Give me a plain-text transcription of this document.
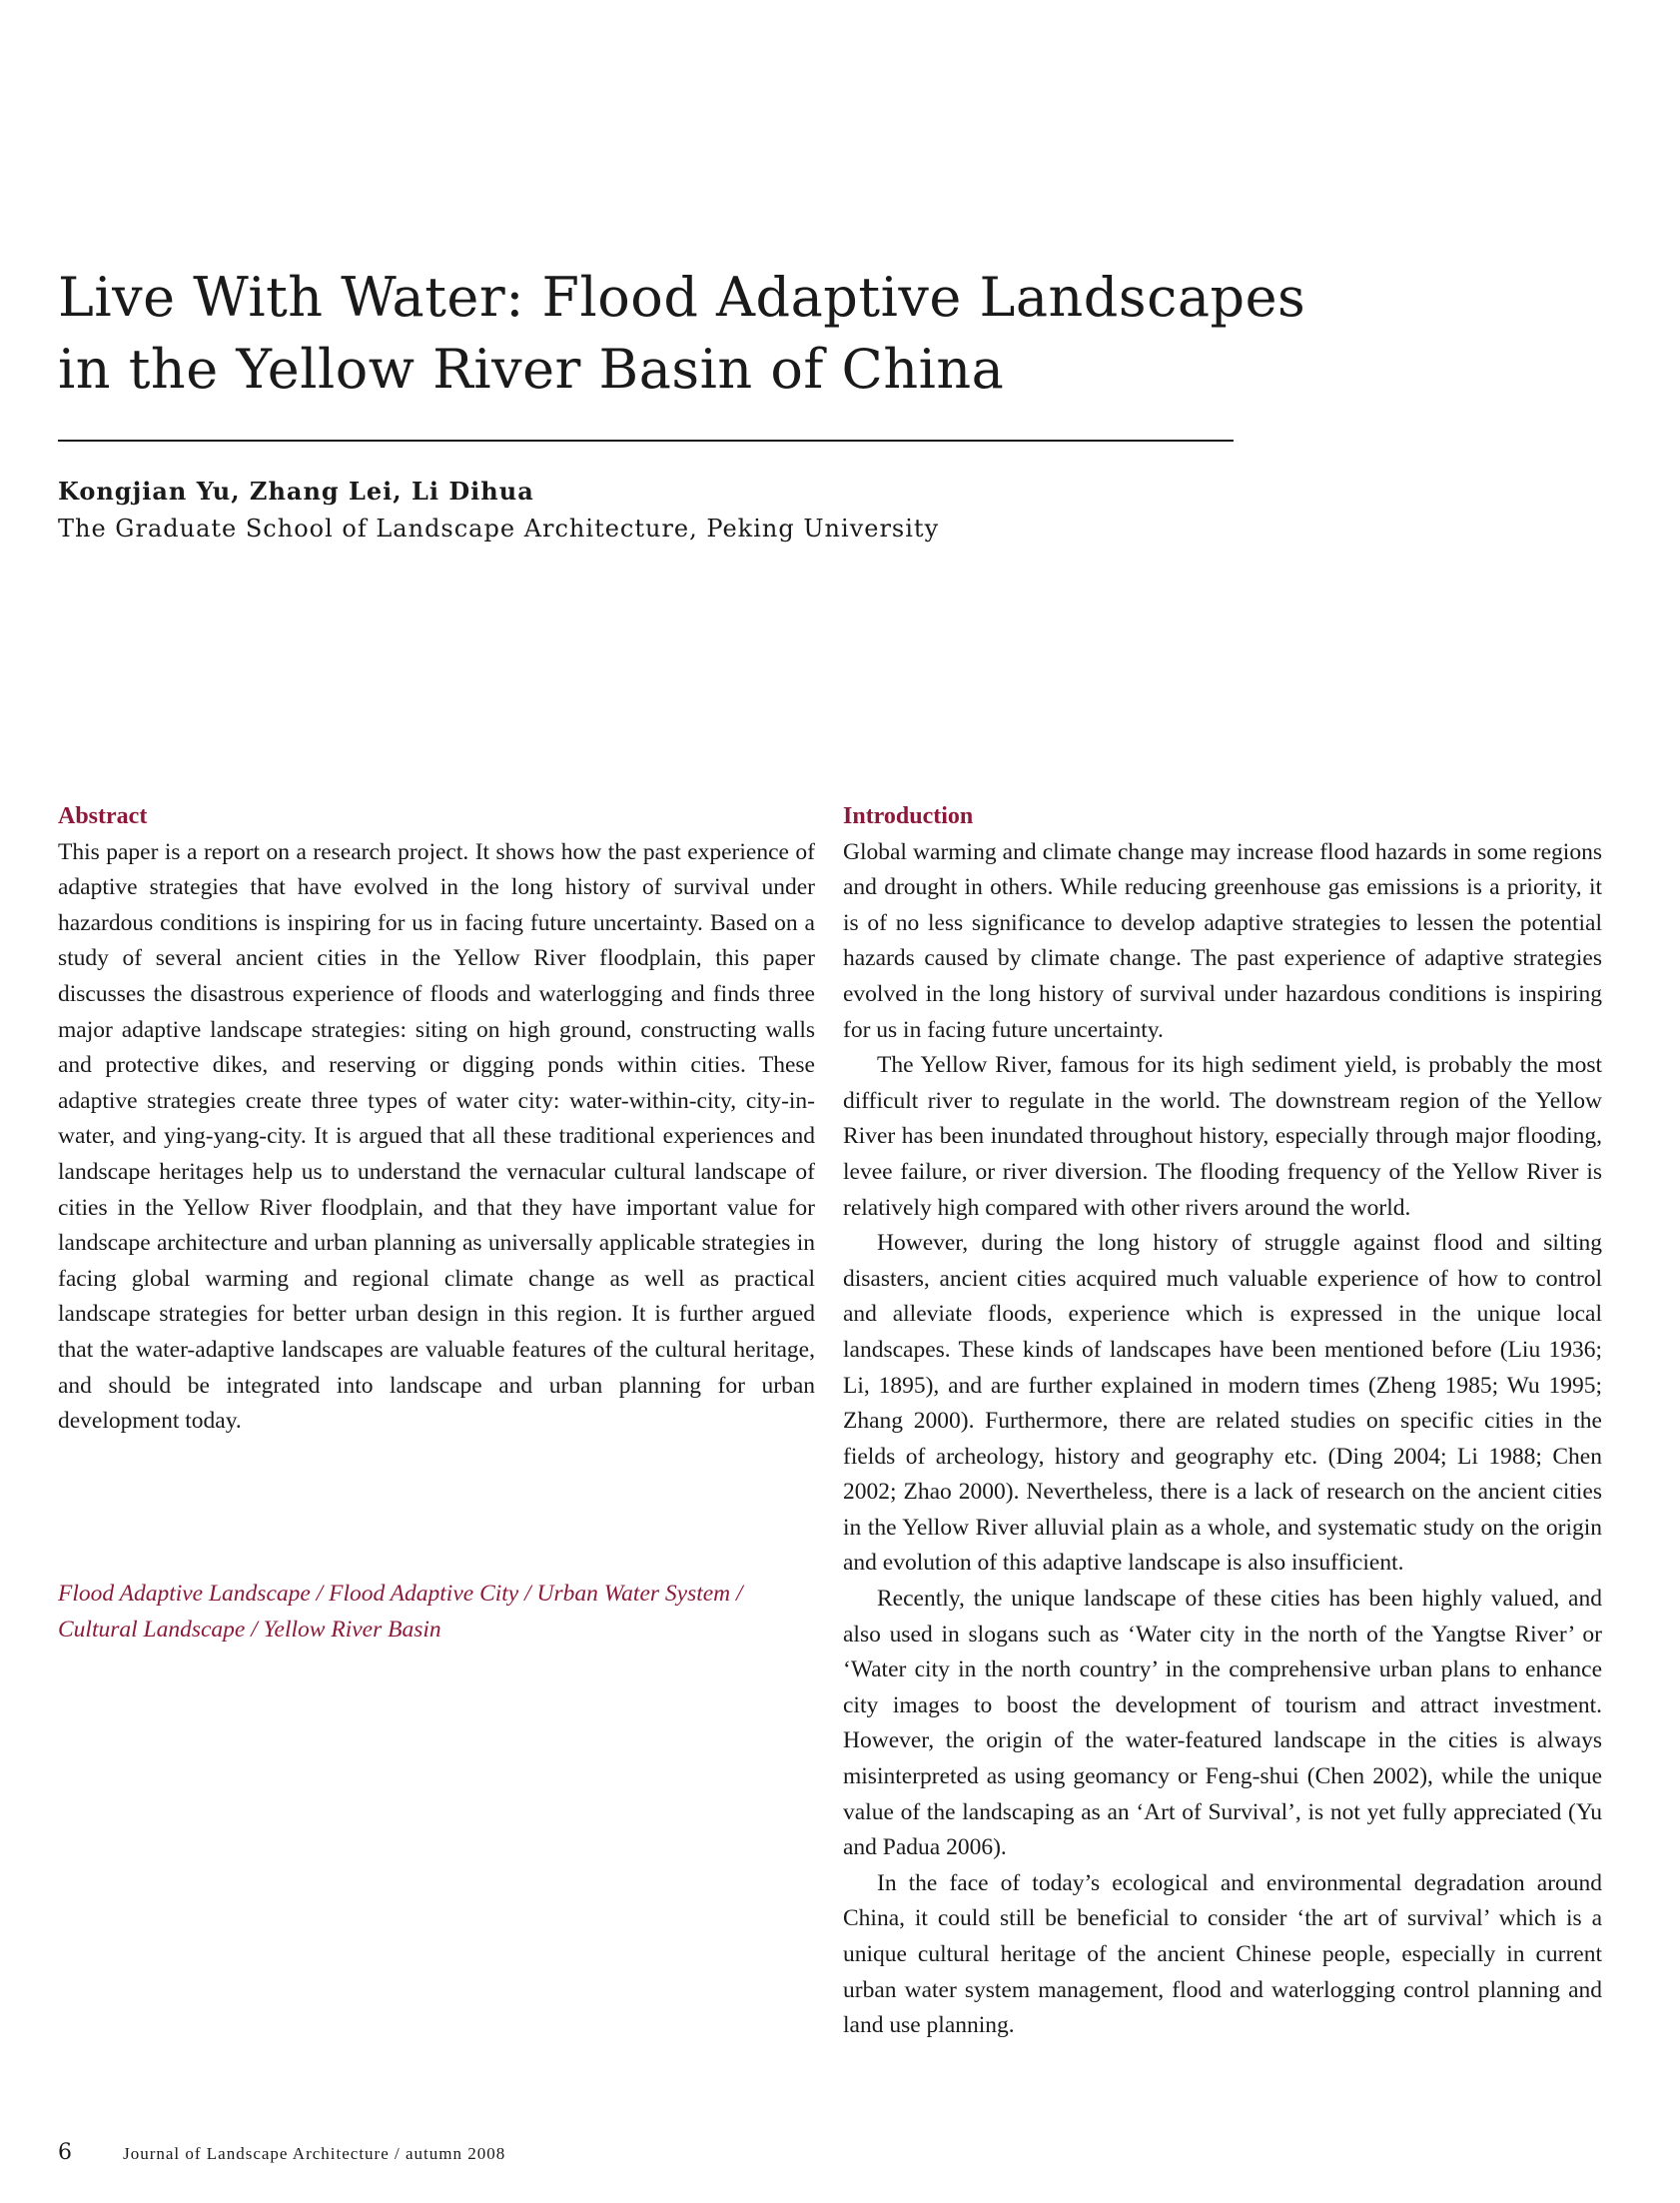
Live With Water: Flood Adaptive Landscapes
in the Yellow River Basin of China
Kongjian Yu, Zhang Lei, Li Dihua
The Graduate School of Landscape Architecture, Peking University
Abstract

This paper is a report on a research project. It shows how the past experience of adaptive strategies that have evolved in the long history of survival under hazardous conditions is inspiring for us in facing future uncertainty. Based on a study of several ancient cities in the Yellow River floodplain, this paper discusses the disastrous experience of floods and waterlogging and finds three major adaptive landscape strategies: siting on high ground, constructing walls and protective dikes, and reserving or digging ponds within cities. These adaptive strategies create three types of water city: water-within-city, city-in-water, and ying-yang-city. It is argued that all these traditional experiences and landscape heritages help us to understand the vernacular cultural landscape of cities in the Yellow River floodplain, and that they have important value for landscape architecture and urban planning as universally applicable strategies in facing global warming and regional climate change as well as practical landscape strategies for better urban design in this region. It is further argued that the water-adaptive landscapes are valuable features of the cultural heritage, and should be integrated into landscape and urban planning for urban development today.

Flood Adaptive Landscape / Flood Adaptive City / Urban Water System /
Cultural Landscape / Yellow River Basin
Introduction

Global warming and climate change may increase flood hazards in some regions and drought in others. While reducing greenhouse gas emissions is a priority, it is of no less significance to develop adaptive strategies to lessen the potential hazards caused by climate change. The past experience of adaptive strategies evolved in the long history of survival under hazardous conditions is inspiring for us in facing future uncertainty.

The Yellow River, famous for its high sediment yield, is probably the most difficult river to regulate in the world. The downstream region of the Yellow River has been inundated throughout history, especially through major flooding, levee failure, or river diversion. The flooding frequency of the Yellow River is relatively high compared with other rivers around the world.

However, during the long history of struggle against flood and silting disasters, ancient cities acquired much valuable experience of how to control and alleviate floods, experience which is expressed in the unique local landscapes. These kinds of landscapes have been mentioned before (Liu 1936; Li, 1895), and are further explained in modern times (Zheng 1985; Wu 1995; Zhang 2000). Furthermore, there are related studies on specific cities in the fields of archeology, history and geography etc. (Ding 2004; Li 1988; Chen 2002; Zhao 2000). Nevertheless, there is a lack of research on the ancient cities in the Yellow River alluvial plain as a whole, and systematic study on the origin and evolution of this adaptive landscape is also insufficient.

Recently, the unique landscape of these cities has been highly valued, and also used in slogans such as ‘Water city in the north of the Yangtse River’ or ‘Water city in the north country’ in the comprehensive urban plans to enhance city images to boost the development of tourism and attract investment. However, the origin of the water-featured landscape in the cities is always misinterpreted as using geomancy or Feng-shui (Chen 2002), while the unique value of the landscaping as an ‘Art of Survival’, is not yet fully appreciated (Yu and Padua 2006).

In the face of today’s ecological and environmental degradation around China, it could still be beneficial to consider ‘the art of survival’ which is a unique cultural heritage of the ancient Chinese people, especially in current urban water system management, flood and waterlogging control planning and land use planning.

6	Journal of Landscape Architecture / autumn 2008
